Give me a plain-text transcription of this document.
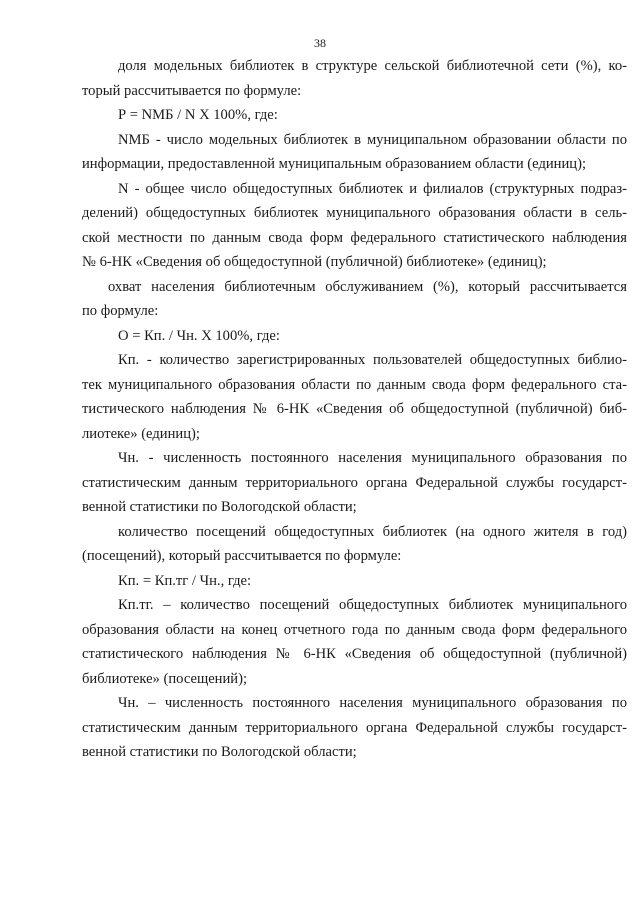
38

доля модельных библиотек в структуре сельской библиотечной сети (%), ко-
торый рассчитывается по формуле:

Р = NМБ / N Х 100%, где:

NМБ - число модельных библиотек в муниципальном образовании области по
информации, предоставленной муниципальным образованием области (единиц);

N - общее число общедоступных библиотек и филиалов (структурных подраз-
делений) общедоступных библиотек муниципального образования области в сель-
ской местности по данным свода форм федерального статистического наблюдения
№ 6-НК «Сведения об общедоступной (публичной) библиотеке» (единиц);

охват населения библиотечным обслуживанием (%), который рассчитывается
по формуле:

О = Кп. / Чн. Х 100%, где:

Кп. - количество зарегистрированных пользователей общедоступных библио-
тек муниципального образования области по данным свода форм федерального ста-
тистического наблюдения № 6-НК «Сведения об общедоступной (публичной) биб-
лиотеке» (единиц);

Чн. - численность постоянного населения муниципального образования по
статистическим данным территориального органа Федеральной службы государст-
венной статистики по Вологодской области;

количество посещений общедоступных библиотек (на одного жителя в год)
(посещений), который рассчитывается по формуле:

Кп. = Кп.тг / Чн., где:

Кп.тг. – количество посещений общедоступных библиотек муниципального
образования области на конец отчетного года по данным свода форм федерального
статистического наблюдения № 6-НК «Сведения об общедоступной (публичной)
библиотеке» (посещений);

Чн. – численность постоянного населения муниципального образования по
статистическим данным территориального органа Федеральной службы государст-
венной статистики по Вологодской области;
